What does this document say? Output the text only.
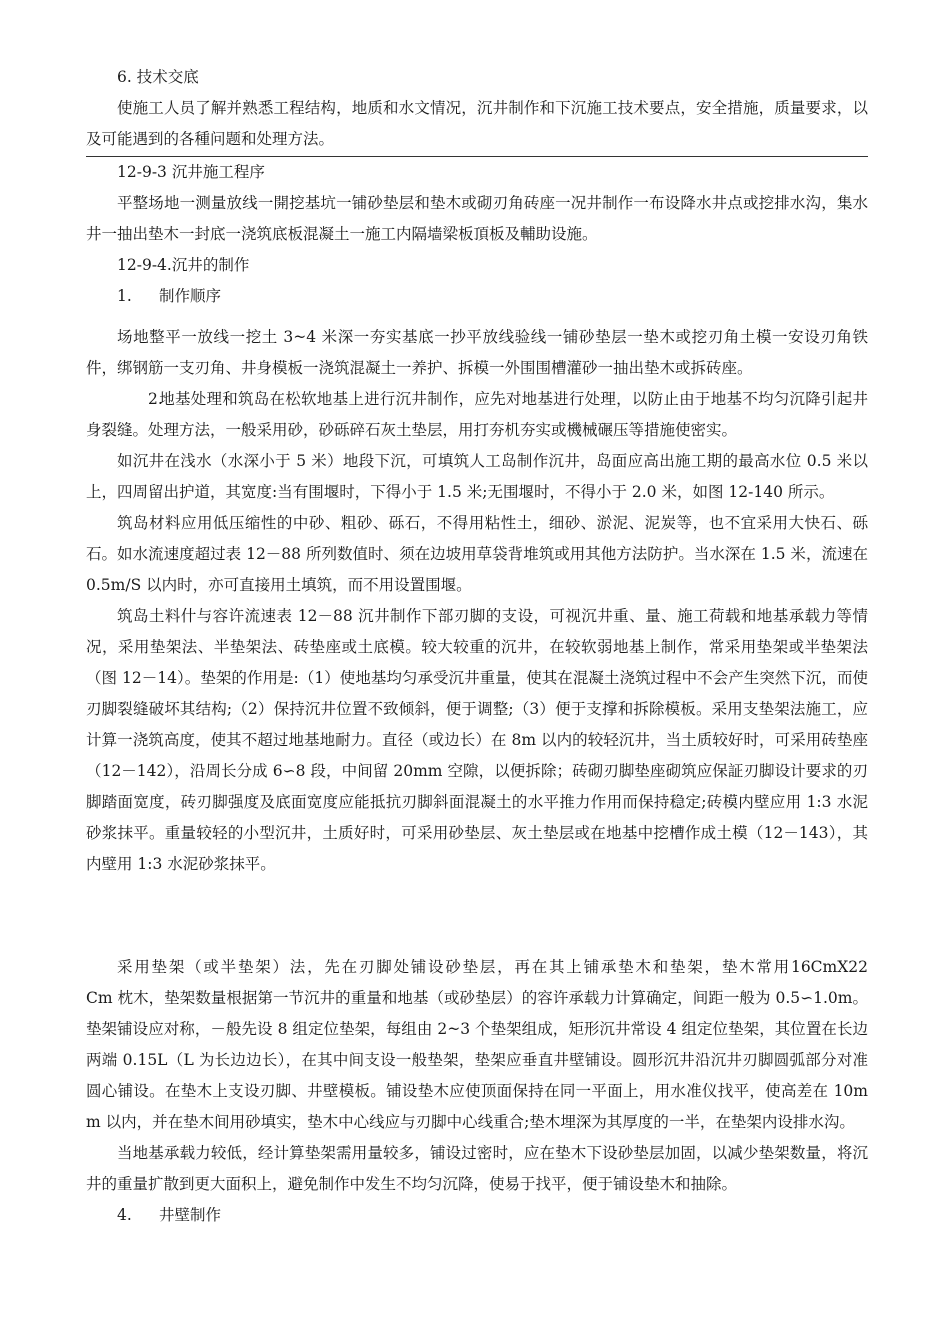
6. 技术交底

使施工人员了解并熟悉工程结构，地质和水文情况，沉井制作和下沉施工技术要点，安全措施，质量要求，以及可能遇到的各種问题和处理方法。

12-9-3 沉井施工程序

平整场地一测量放线一開挖基坑一铺砂垫层和垫木或砌刃角砖座一况井制作一布设降水井点或挖排水沟，集水井一抽出垫木一封底一浇筑底板混凝土一施工内隔墙梁板頂板及輔助设施。

12-9-4.沉井的制作

1. 制作顺序

场地整平一放线一挖土 3~4 米深一夯实基底一抄平放线验线一铺砂垫层一垫木或挖刃角土模一安设刃角铁件，绑钢筋一支刃角、井身模板一浇筑混凝土一养护、拆模一外围围槽灌砂一抽出垫木或拆砖座。

2.地基处理和筑岛在松软地基上进行沉井制作，应先对地基进行处理，以防止由于地基不均匀沉降引起井身裂缝。处理方法，一般采用砂，砂砾碎石灰土垫层，用打夯机夯实或機械碾压等措施使密实。

如沉井在浅水（水深小于 5 米）地段下沉，可填筑人工岛制作沉井，岛面应高出施工期的最高水位 0.5 米以上，四周留出护道，其宽度:当有围堰时，下得小于 1.5 米;无围堰时，不得小于 2.0 米，如图 12-140 所示。

筑岛材料应用低压缩性的中砂、粗砂、砾石，不得用粘性土，细砂、淤泥、泥炭等，也不宜采用大快石、砾石。如水流速度超过表 12－88 所列数值时、须在边坡用草袋背堆筑或用其他方法防护。当水深在 1.5 米，流速在 0.5m/S 以内时，亦可直接用土填筑，而不用设置围堰。

筑岛土料什与容许流速表 12－88 沉井制作下部刃脚的支设，可视沉井重、量、施工荷载和地基承载力等情况，采用垫架法、半垫架法、砖垫座或土底模。较大较重的沉井，在较软弱地基上制作，常采用垫架或半垫架法（图 12－14）。垫架的作用是:（1）使地基均匀承受沉井重量，使其在混凝土浇筑过程中不会产生突然下沉，而使刃脚裂缝破坏其结构;（2）保持沉井位置不致倾斜，便于调整;（3）便于支撑和拆除模板。采用支垫架法施工，应计算一浇筑高度，使其不超过地基地耐力。直径（或边长）在 8m 以内的较轻沉井，当土质较好时，可采用砖垫座（12－142），沿周长分成 6∽8 段，中间留 20mm 空隙，以便拆除；砖砌刃脚垫座砌筑应保証刃脚设计要求的刃脚踏面宽度，砖刃脚强度及底面宽度应能抵抗刃脚斜面混凝土的水平推力作用而保持稳定;砖模内壁应用 1:3 水泥砂浆抹平。重量较轻的小型沉井，土质好时，可采用砂垫层、灰土垫层或在地基中挖槽作成土模（12－143），其内壁用 1:3 水泥砂浆抹平。

采用垫架（或半垫架）法，先在刃脚处铺设砂垫层，再在其上铺承垫木和垫架，垫木常用16CmX22Cm 枕木，垫架数量根据第一节沉井的重量和地基（或砂垫层）的容许承载力计算确定，间距一般为 0.5∽1.0m。垫架铺设应对称，－般先设 8 组定位垫架，每组由 2~3 个垫架组成，矩形沉井常设 4 组定位垫架，其位置在长边两端 0.15L（L 为长边边长），在其中间支设一般垫架，垫架应垂直井壁铺设。圆形沉井沿沉井刃脚圆弧部分对准圆心铺设。在垫木上支设刃脚、井壁模板。铺设垫木应使顶面保持在同一平面上，用水准仪找平，使高差在 10mm 以内，并在垫木间用砂填实，垫木中心线应与刃脚中心线重合;垫木埋深为其厚度的一半，在垫架内设排水沟。

当地基承载力较低，经计算垫架需用量较多，铺设过密时，应在垫木下设砂垫层加固，以减少垫架数量，将沉井的重量扩散到更大面积上，避免制作中发生不均匀沉降，使易于找平，便于铺设垫木和抽除。

4. 井壁制作
